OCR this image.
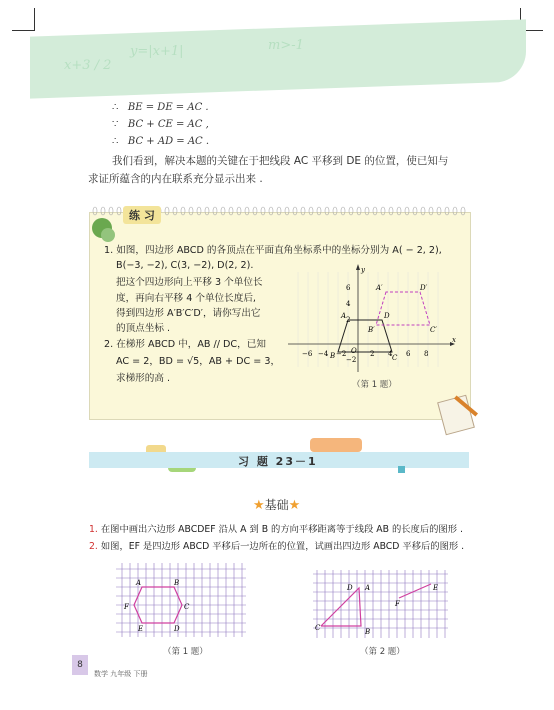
x+3 / 2
y=|x+1|	m>-1
∴ BE = DE = AC .
∵ BC + CE = AC ,
∴ BC + AD = AC .
我们看到，解决本题的关键在于把线段 AC 平移到 DE 的位置，使已知与
求证所蕴含的内在联系充分显示出来 .
练 习
1. 如图，四边形 ABCD 的各顶点在平面直角坐标系中的坐标分别为 A( − 2, 2),
B(−3, −2), C(3, −2), D(2, 2).
把这个四边形向上平移 3 个单位长
度，再向右平移 4 个单位长度后,
得到四边形 A′B′C′D′，请你写出它
的顶点坐标 .
2. 在梯形 ABCD 中，AB // DC，已知
AC = 2，BD = √5，AB + DC = 3，
求梯形的高 .
−6 −4 −2	2 4 6 8
6
4
2
−2
x
y
O
A
B	C
D
A′
B′	C′
D′
（第 1 题）
习 题 23－1
★基础★
1. 在图中画出六边形 ABCDEF 沿从 A 到 B 的方向平移距离等于线段 AB 的长度后的图形 .
2. 如图，EF 是四边形 ABCD 平移后一边所在的位置，试画出四边形 ABCD 平移后的图形 .
A	B
C
D
E
F
（第 1 题）
A
B
C
D	E
F
（第 2 题）
8
数学 九年级 下册
